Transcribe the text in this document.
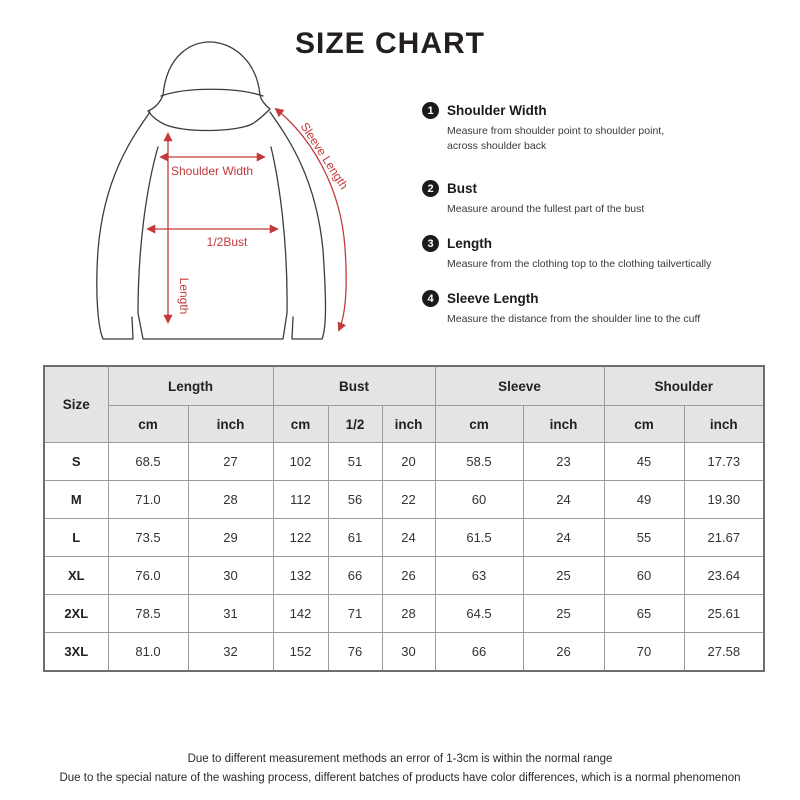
SIZE CHART
Shoulder Width
1/2Bust
Length
Sleeve Length
1 Shoulder Width
Measure from shoulder point to shoulder point,
across shoulder back
2 Bust
Measure around the fullest part of the bust
3 Length
Measure from the clothing top to the clothing tailvertically
4 Sleeve Length
Measure the distance from the shoulder line to the cuff
Size	Length		Bust			Sleeve		Shoulder	
	cm	inch	cm	1/2	inch	cm	inch	cm	inch
S	68.5	27	102	51	20	58.5	23	45	17.73
M	71.0	28	112	56	22	60	24	49	19.30
L	73.5	29	122	61	24	61.5	24	55	21.67
XL	76.0	30	132	66	26	63	25	60	23.64
2XL	78.5	31	142	71	28	64.5	25	65	25.61
3XL	81.0	32	152	76	30	66	26	70	27.58
Due to different measurement methods an error of 1-3cm is within the normal range
Due to the special nature of the washing process, different batches of products have color differences, which is a normal phenomenon
